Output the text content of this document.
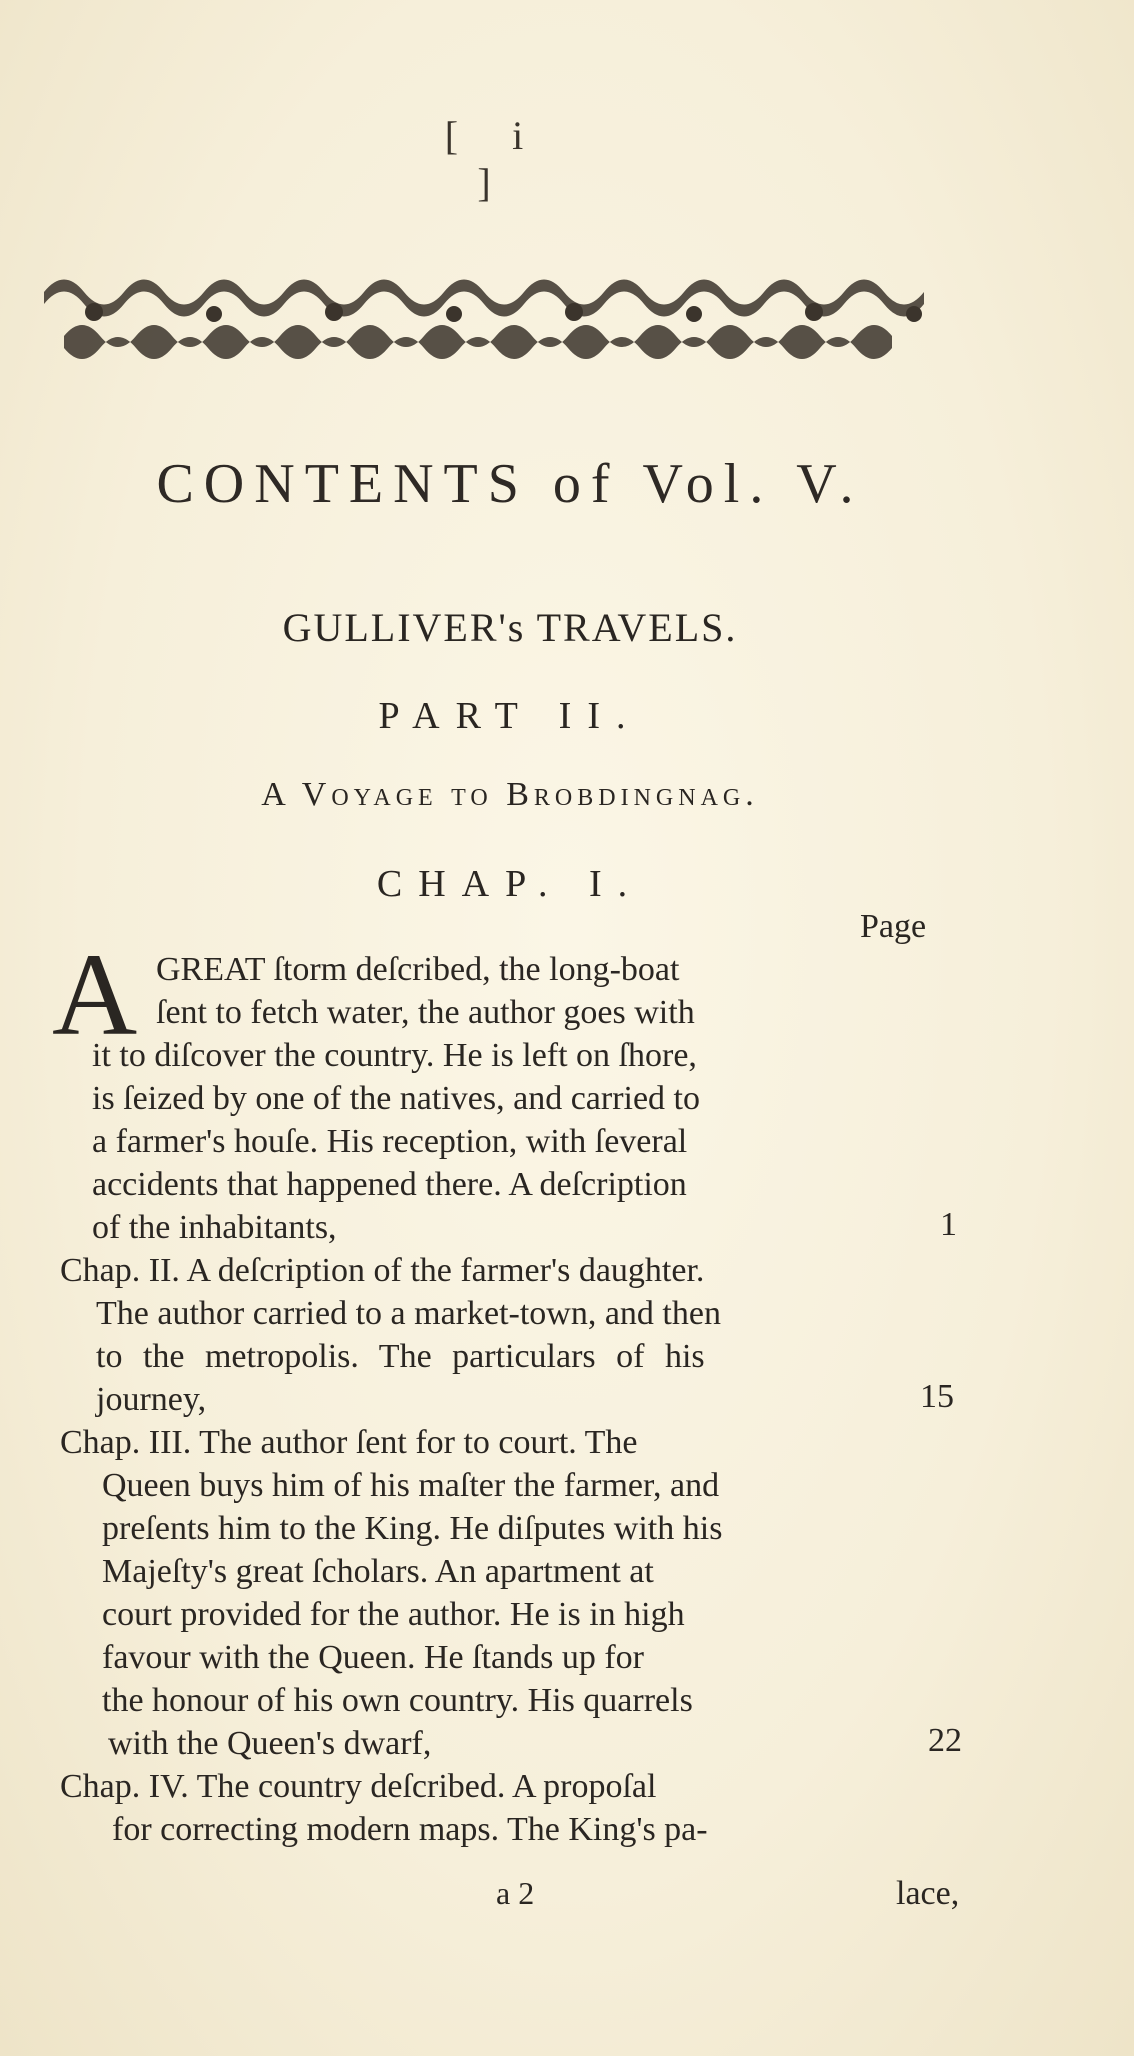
[ i ]
CONTENTS of Vol. V.
GULLIVER's TRAVELS.
PART II.
A Voyage to Brobdingnag.
CHAP. I.
Page
A GREAT ſtorm deſcribed, the long-boat
ſent to fetch water, the author goes with
it to diſcover the country. He is left on ſhore,
is ſeized by one of the natives, and carried to
a farmer's houſe. His reception, with ſeveral
accidents that happened there. A deſcription
of the inhabitants,	1
Chap. II. A deſcription of the farmer's daughter.
The author carried to a market-town, and then
to the metropolis. The particulars of his
journey,	15
Chap. III. The author ſent for to court. The
Queen buys him of his maſter the farmer, and
preſents him to the King. He diſputes with his
Majeſty's great ſcholars. An apartment at
court provided for the author. He is in high
favour with the Queen. He ſtands up for
the honour of his own country. His quarrels
with the Queen's dwarf,	22
Chap. IV. The country deſcribed. A propoſal
for correcting modern maps. The King's pa-
a 2	lace,
